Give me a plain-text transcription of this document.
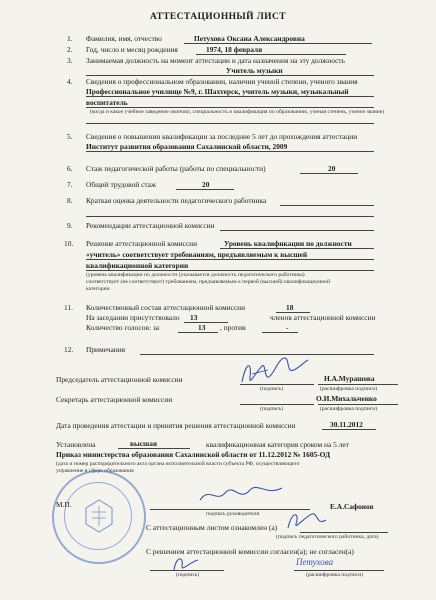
АТТЕСТАЦИОННЫЙ ЛИСТ
1. Фамилия, имя, отчество	Петухова Оксана Александровна
2. Год, число и месяц рождения	1974, 18 февраля
3. Занимаемая должность на момент аттестации и дата назначения на эту должность
Учитель музыки
4. Сведения о профессиональном образовании, наличии ученой степени, ученого звания
Профессиональное училище №9, г. Шахтерск, учитель музыки, музыкальный
воспитатель
(когда и какое учебное заведение окончил, специальность и квалификация по образованию, ученая степень, ученое звание)
5. Сведения о повышении квалификации за последние 5 лет до прохождения аттестации
Институт развития образования Сахалинской области, 2009
6. Стаж педагогической работы (работы по специальности)	20
7. Общий трудовой стаж	20
8. Краткая оценка деятельности педагогического работника
9. Рекомендации аттестационной комиссии
10. Решение аттестационной комиссии	Уровень квалификации по должности
«учитель» соответствует требованиям, предъявляемым к высшей
квалификационной категории
(уровень квалификации по должности (указывается должность педагогического работника)
соответствует (не соответствует) требованиям, предъявляемым к первой (высшей) квалификационной
категории
11. Количественный состав аттестационной комиссии	18
На заседании присутствовало 13	членов аттестационной комиссии
Количество голосов: за	13 , против	-
12. Примечания
Председатель аттестационной комиссии	Н.А.Мурашова
(подпись)	(расшифровка подписи)
Секретарь аттестационной комиссии	О.И.Михальченко
(подпись)	(расшифровка подписи)
Дата проведения аттестации и принятия решения аттестационной комиссии	30.11.2012
Установлена	высшая	квалификационная категория сроком на 5 лет
Приказ министерства образования Сахалинской области от 11.12.2012 № 1605-ОД
(дата и номер распорядительного акта органа исполнительной власти субъекта РФ, осуществляющего
управление в сфере образования
М.П.
подпись руководителя
Е.А.Сафонов
С аттестационным листом ознакомлен (а)
(подпись педагогического работника, дата)
С решением аттестационной комиссии согласен(а); не согласен(а)
Петухова
(подпись)	(расшифровка подписи)
